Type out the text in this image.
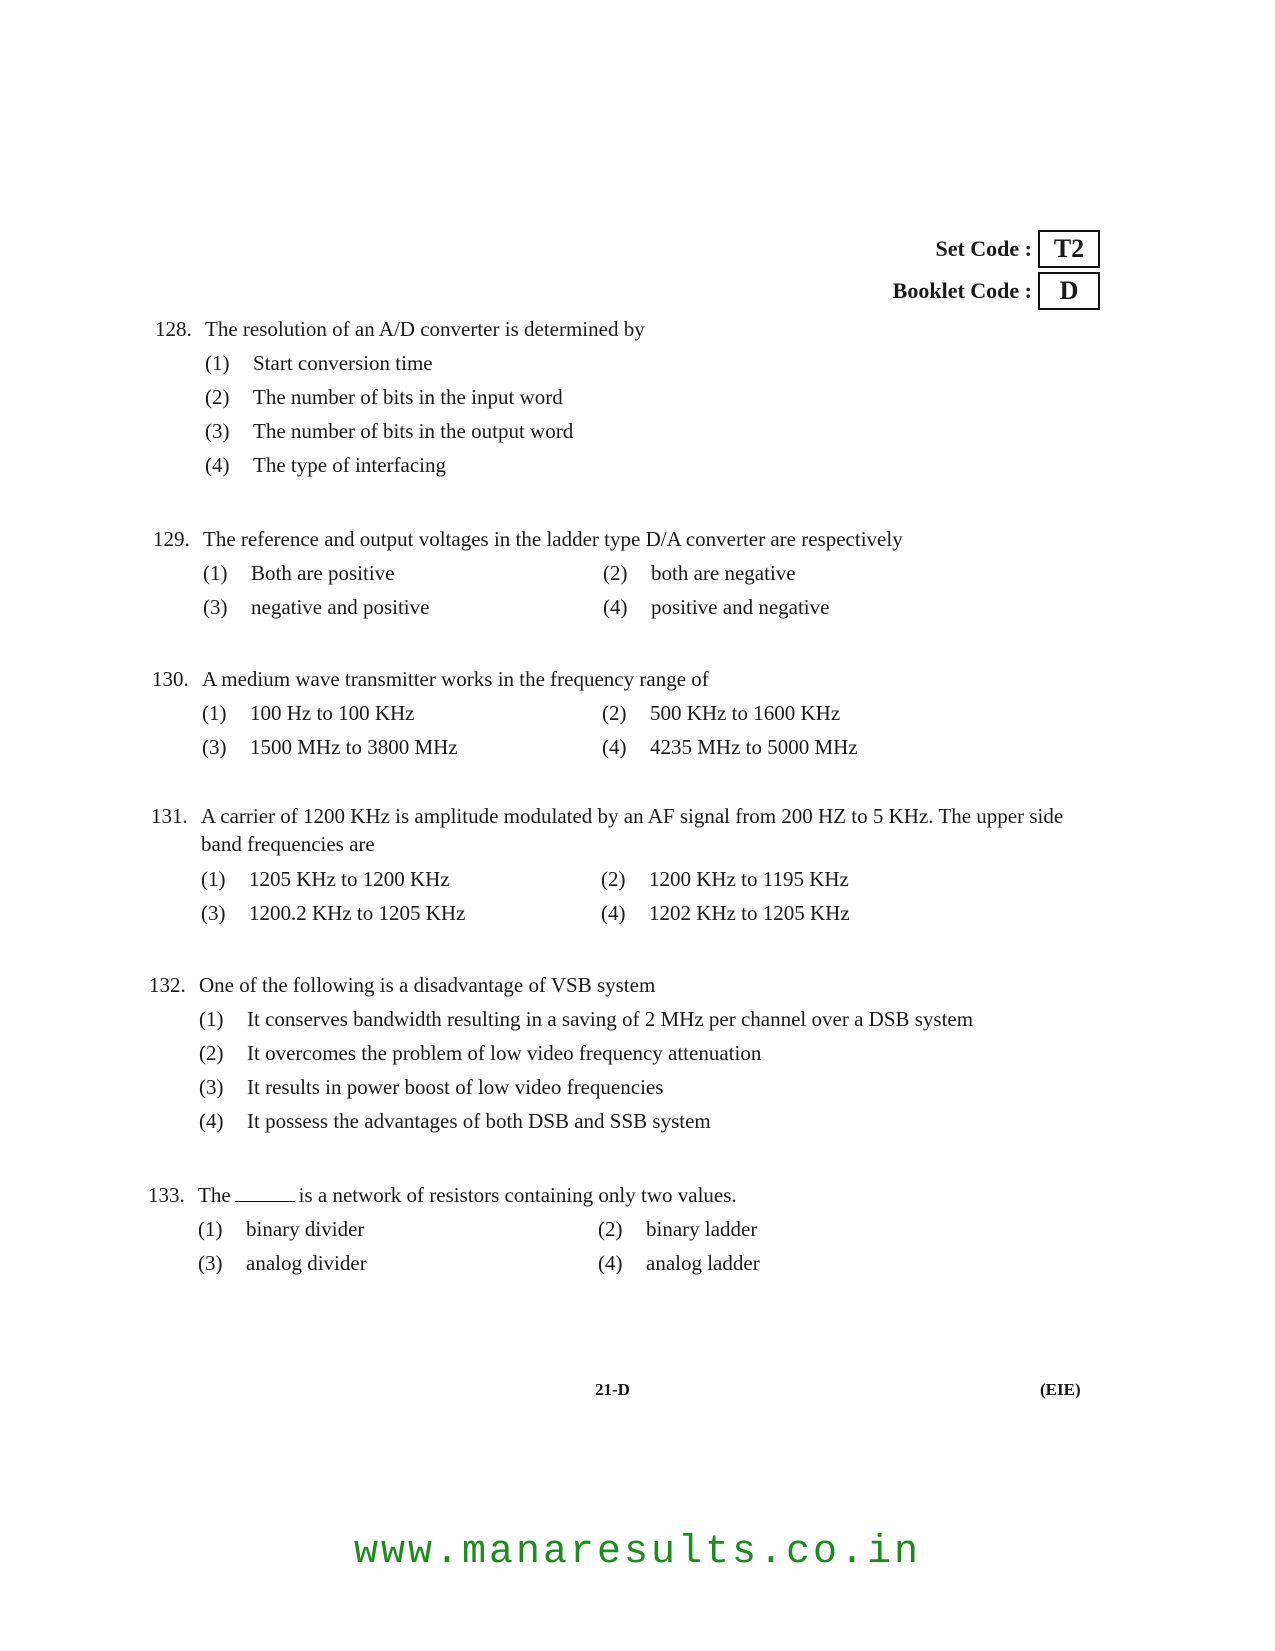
Set Code : T2
Booklet Code :	D
128. The resolution of an A/D converter is determined by
(1)	Start conversion time
(2)	The number of bits in the input word
(3)	The number of bits in the output word
(4)	The type of interfacing
129. The reference and output voltages in the ladder type D/A converter are respectively
(1)	Both are positive	(2)	both are negative
(3)	negative and positive	(4)	positive and negative
130. A medium wave transmitter works in the frequency range of
(1)	100 Hz to 100 KHz	(2)	500 KHz to 1600 KHz
(3)	1500 MHz to 3800 MHz	(4)	4235 MHz to 5000 MHz
131. A carrier of 1200 KHz is amplitude modulated by an AF signal from 200 HZ to 5 KHz. The upper side band frequencies are
(1)	1205 KHz to 1200 KHz	(2)	1200 KHz to 1195 KHz
(3)	1200.2 KHz to 1205 KHz	(4)	1202 KHz to 1205 KHz
132. One of the following is a disadvantage of VSB system
(1)	It conserves bandwidth resulting in a saving of 2 MHz per channel over a DSB system
(2)	It overcomes the problem of low video frequency attenuation
(3)	It results in power boost of low video frequencies
(4)	It possess the advantages of both DSB and SSB system
133. The	is a network of resistors containing only two values.
(1)	binary divider	(2)	binary ladder
(3)	analog divider	(4)	analog ladder
21-D	(EIE)
www.manaresults.co.in
